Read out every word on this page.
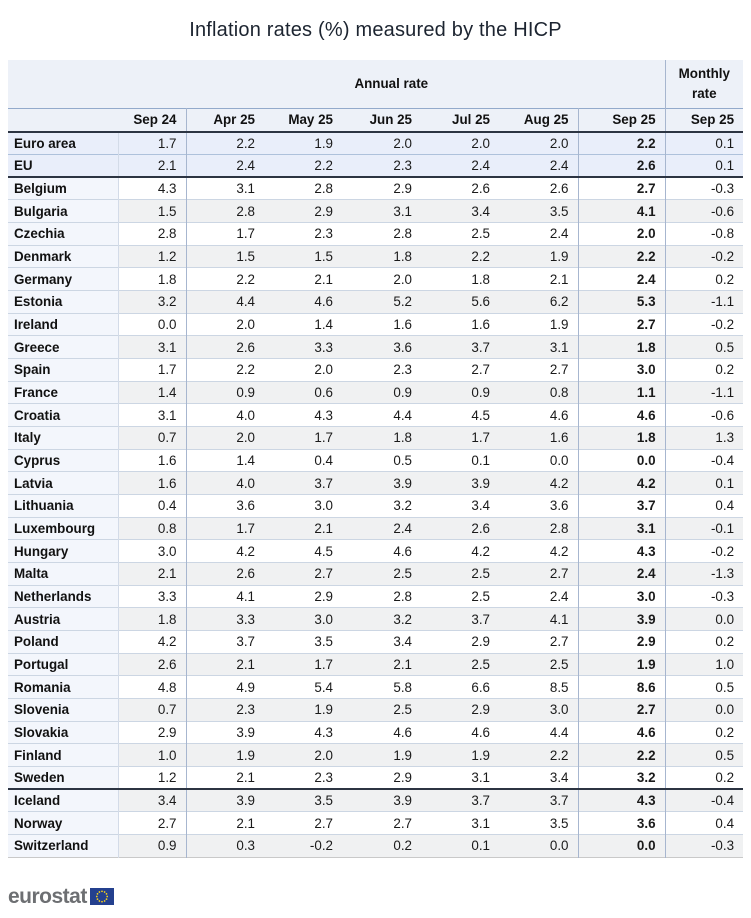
Inflation rates (%) measured by the HICP
	Annual rate							Monthly rate
	Sep 24	Apr 25	May 25	Jun 25	Jul 25	Aug 25	Sep 25	Sep 25
Euro area	1.7	2.2	1.9	2.0	2.0	2.0	2.2	0.1
EU	2.1	2.4	2.2	2.3	2.4	2.4	2.6	0.1
Belgium	4.3	3.1	2.8	2.9	2.6	2.6	2.7	-0.3
Bulgaria	1.5	2.8	2.9	3.1	3.4	3.5	4.1	-0.6
Czechia	2.8	1.7	2.3	2.8	2.5	2.4	2.0	-0.8
Denmark	1.2	1.5	1.5	1.8	2.2	1.9	2.2	-0.2
Germany	1.8	2.2	2.1	2.0	1.8	2.1	2.4	0.2
Estonia	3.2	4.4	4.6	5.2	5.6	6.2	5.3	-1.1
Ireland	0.0	2.0	1.4	1.6	1.6	1.9	2.7	-0.2
Greece	3.1	2.6	3.3	3.6	3.7	3.1	1.8	0.5
Spain	1.7	2.2	2.0	2.3	2.7	2.7	3.0	0.2
France	1.4	0.9	0.6	0.9	0.9	0.8	1.1	-1.1
Croatia	3.1	4.0	4.3	4.4	4.5	4.6	4.6	-0.6
Italy	0.7	2.0	1.7	1.8	1.7	1.6	1.8	1.3
Cyprus	1.6	1.4	0.4	0.5	0.1	0.0	0.0	-0.4
Latvia	1.6	4.0	3.7	3.9	3.9	4.2	4.2	0.1
Lithuania	0.4	3.6	3.0	3.2	3.4	3.6	3.7	0.4
Luxembourg	0.8	1.7	2.1	2.4	2.6	2.8	3.1	-0.1
Hungary	3.0	4.2	4.5	4.6	4.2	4.2	4.3	-0.2
Malta	2.1	2.6	2.7	2.5	2.5	2.7	2.4	-1.3
Netherlands	3.3	4.1	2.9	2.8	2.5	2.4	3.0	-0.3
Austria	1.8	3.3	3.0	3.2	3.7	4.1	3.9	0.0
Poland	4.2	3.7	3.5	3.4	2.9	2.7	2.9	0.2
Portugal	2.6	2.1	1.7	2.1	2.5	2.5	1.9	1.0
Romania	4.8	4.9	5.4	5.8	6.6	8.5	8.6	0.5
Slovenia	0.7	2.3	1.9	2.5	2.9	3.0	2.7	0.0
Slovakia	2.9	3.9	4.3	4.6	4.6	4.4	4.6	0.2
Finland	1.0	1.9	2.0	1.9	1.9	2.2	2.2	0.5
Sweden	1.2	2.1	2.3	2.9	3.1	3.4	3.2	0.2
Iceland	3.4	3.9	3.5	3.9	3.7	3.7	4.3	-0.4
Norway	2.7	2.1	2.7	2.7	3.1	3.5	3.6	0.4
Switzerland	0.9	0.3	-0.2	0.2	0.1	0.0	0.0	-0.3
eurostat
